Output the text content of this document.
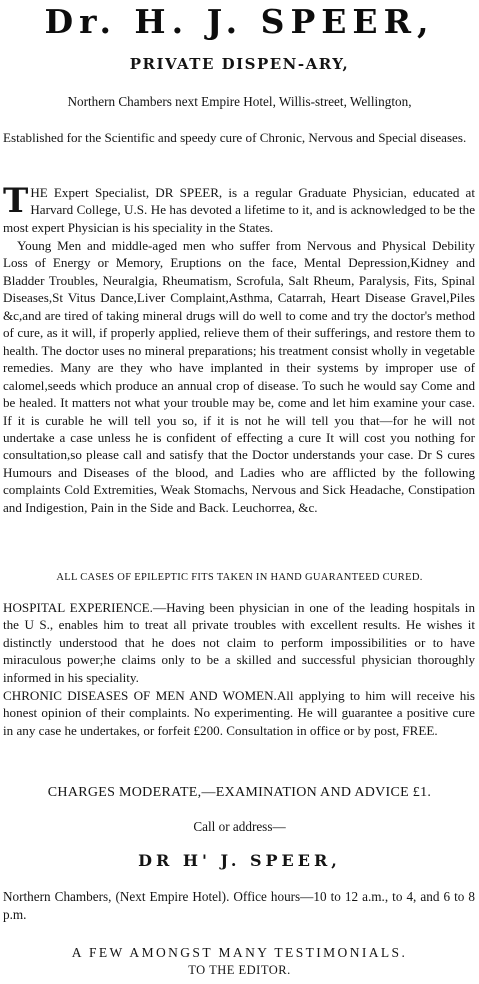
Dr. H. J. SPEER,
PRIVATE DISPEN-ARY,
Northern Chambers next Empire Hotel, Willis-street, Wellington,
Established for the Scientific and speedy cure of Chronic, Nervous and Special diseases.
THE Expert Specialist, DR SPEER, is a regular Graduate Physician, educated at Harvard College, U.S. He has devoted a lifetime to it, and is acknowledged to be the most expert Physician is his speciality in the States.
Young Men and middle-aged men who suffer from Nervous and Physical Debility Loss of Energy or Memory, Eruptions on the face, Mental Depression,Kidney and Bladder Troubles, Neuralgia, Rheumatism, Scrofula, Salt Rheum, Paralysis, Fits, Spinal Diseases,St Vitus Dance,Liver Complaint,Asthma, Catarrah, Heart Disease Gravel,Piles &c,and are tired of taking mineral drugs will do well to come and try the doctor's method of cure, as it will, if properly applied, relieve them of their sufferings, and restore them to health. The doctor uses no mineral preparations; his treatment consist wholly in vegetable remedies. Many are they who have implanted in their systems by improper use of calomel,seeds which produce an annual crop of disease. To such he would say Come and be healed. It matters not what your trouble may be, come and let him examine your case. If it is curable he will tell you so, if it is not he will tell you that—for he will not undertake a case unless he is confident of effecting a cure It will cost you nothing for consultation,so please call and satisfy that the Doctor understands your case. Dr S cures Humours and Diseases of the blood, and Ladies who are afflicted by the following complaints Cold Extremities, Weak Stomachs, Nervous and Sick Headache, Constipation and Indigestion, Pain in the Side and Back. Leuchorrea, &c.
ALL CASES OF EPILEPTIC FITS TAKEN IN HAND GUARANTEED CURED.
HOSPITAL EXPERIENCE.—Having been physician in one of the leading hospitals in the U S., enables him to treat all private troubles with excellent results. He wishes it distinctly understood that he does not claim to perform impossibilities or to have miraculous power;he claims only to be a skilled and successful physician thoroughly informed in his speciality.
CHRONIC DISEASES OF MEN AND WOMEN.All applying to him will receive his honest opinion of their complaints. No experimenting. He will guarantee a positive cure in any case he undertakes, or forfeit £200. Consultation in office or by post, FREE.
CHARGES MODERATE,—EXAMINATION AND ADVICE £1.
Call or address—
DR H' J. SPEER,
Northern Chambers, (Next Empire Hotel). Office hours—10 to 12 a.m., to 4, and 6 to 8 p.m.
A FEW AMONGST MANY TESTIMONIALS.
TO THE EDITOR.
